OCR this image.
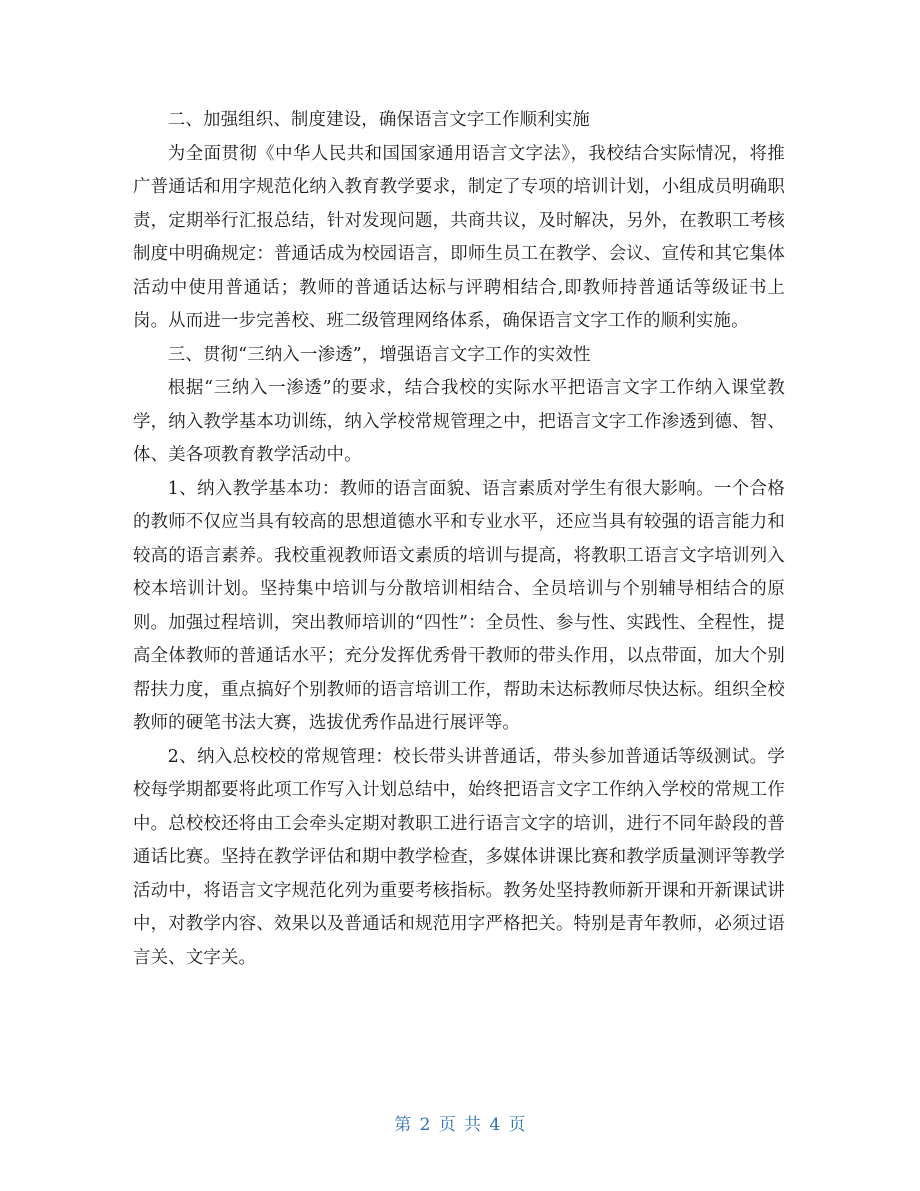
二、加强组织、制度建设，确保语言文字工作顺利实施

为全面贯彻《中华人民共和国国家通用语言文字法》，我校结合实际情况，将推广普通话和用字规范化纳入教育教学要求，制定了专项的培训计划，小组成员明确职责，定期举行汇报总结，针对发现问题，共商共议，及时解决，另外，在教职工考核制度中明确规定：普通话成为校园语言，即师生员工在教学、会议、宣传和其它集体活动中使用普通话；教师的普通话达标与评聘相结合,即教师持普通话等级证书上岗。从而进一步完善校、班二级管理网络体系，确保语言文字工作的顺利实施。

三、贯彻“三纳入一渗透”，增强语言文字工作的实效性

根据“三纳入一渗透”的要求，结合我校的实际水平把语言文字工作纳入课堂教学，纳入教学基本功训练，纳入学校常规管理之中，把语言文字工作渗透到德、智、体、美各项教育教学活动中。

1、纳入教学基本功：教师的语言面貌、语言素质对学生有很大影响。一个合格的教师不仅应当具有较高的思想道德水平和专业水平，还应当具有较强的语言能力和较高的语言素养。我校重视教师语文素质的培训与提高，将教职工语言文字培训列入校本培训计划。坚持集中培训与分散培训相结合、全员培训与个别辅导相结合的原则。加强过程培训，突出教师培训的“四性”：全员性、参与性、实践性、全程性，提高全体教师的普通话水平；充分发挥优秀骨干教师的带头作用，以点带面，加大个别帮扶力度，重点搞好个别教师的语言培训工作，帮助未达标教师尽快达标。组织全校教师的硬笔书法大赛，选拔优秀作品进行展评等。

2、纳入总校校的常规管理：校长带头讲普通话，带头参加普通话等级测试。学校每学期都要将此项工作写入计划总结中，始终把语言文字工作纳入学校的常规工作中。总校校还将由工会牵头定期对教职工进行语言文字的培训，进行不同年龄段的普通话比赛。坚持在教学评估和期中教学检查，多媒体讲课比赛和教学质量测评等教学活动中，将语言文字规范化列为重要考核指标。教务处坚持教师新开课和开新课试讲中，对教学内容、效果以及普通话和规范用字严格把关。特别是青年教师，必须过语言关、文字关。

第 2 页 共 4 页
